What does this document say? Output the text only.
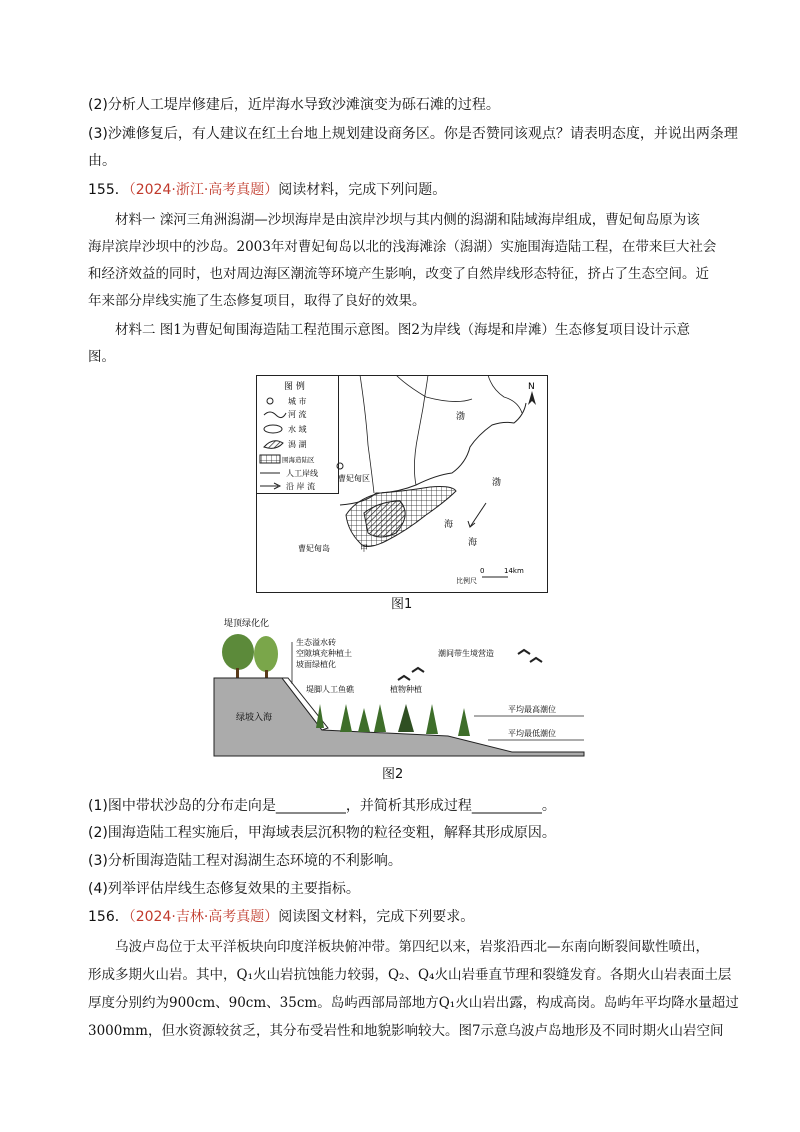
(2)分析人工堤岸修建后，近岸海水导致沙滩演变为砾石滩的过程。
(3)沙滩修复后，有人建议在红土台地上规划建设商务区。你是否赞同该观点？请表明态度，并说出两条理
由。
155．（2024·浙江·高考真题）阅读材料，完成下列问题。
材料一 滦河三角洲潟湖—沙坝海岸是由滨岸沙坝与其内侧的潟湖和陆域海岸组成，曹妃甸岛原为该
海岸滨岸沙坝中的沙岛。2003年对曹妃甸岛以北的浅海滩涂（潟湖）实施围海造陆工程，在带来巨大社会
和经济效益的同时，也对周边海区潮流等环境产生影响，改变了自然岸线形态特征，挤占了生态空间。近
年来部分岸线实施了生态修复项目，取得了良好的效果。
材料二 图1为曹妃甸围海造陆工程范围示意图。图2为岸线（海堤和岸滩）生态修复项目设计示意
图。
图 例
城 市
河 流
水 域
潟 湖
围海造陆区
人工岸线
沿 岸 流
曹妃甸区
曹妃甸岛	甲
渤
渤
海
海
N
比例尺
0	14km
图1
堤顶绿化化
绿坡入海
生态溢水砖
空隙填充种植土
坡面绿植化
堤脚人工鱼礁	植物种植
潮间带生境营造
平均最高潮位
平均最低潮位
图2
(1)图中带状沙岛的分布走向是__________，并简析其形成过程__________。
(2)围海造陆工程实施后，甲海域表层沉积物的粒径变粗，解释其形成原因。
(3)分析围海造陆工程对潟湖生态环境的不利影响。
(4)列举评估岸线生态修复效果的主要指标。
156．（2024·吉林·高考真题）阅读图文材料，完成下列要求。
乌波卢岛位于太平洋板块向印度洋板块俯冲带。第四纪以来，岩浆沿西北—东南向断裂间歇性喷出，
形成多期火山岩。其中，Q₁火山岩抗蚀能力较弱，Q₂、Q₄火山岩垂直节理和裂缝发育。各期火山岩表面土层
厚度分别约为900cm、90cm、35cm。岛屿西部局部地方Q₁火山岩出露，构成高岗。岛屿年平均降水量超过
3000mm，但水资源较贫乏，其分布受岩性和地貌影响较大。图7示意乌波卢岛地形及不同时期火山岩空间
